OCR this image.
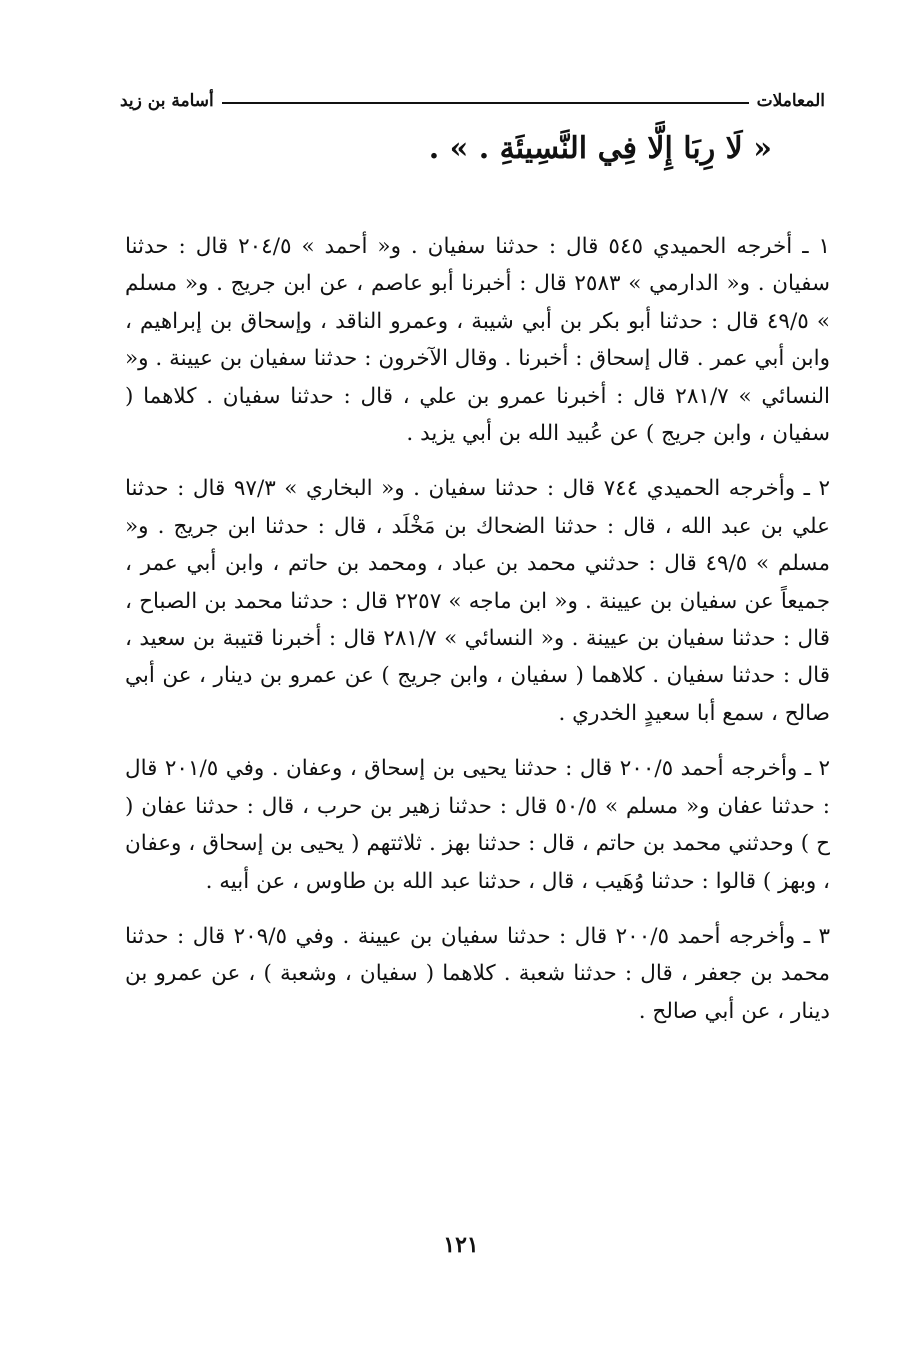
المعاملات
أسامة بن زيد
« لَا رِبَا إِلَّا فِي النَّسِيئَةِ . » .

١ ـ أخرجه الحميدي ٥٤٥ قال : حدثنا سفيان . و« أحمد » ٢٠٤/٥ قال : حدثنا سفيان . و« الدارمي » ٢٥٨٣ قال : أخبرنا أبو عاصم ، عن ابن جريج . و« مسلم » ٤٩/٥ قال : حدثنا أبو بكر بن أبي شيبة ، وعمرو الناقد ، وإسحاق بن إبراهيم ، وابن أبي عمر . قال إسحاق : أخبرنا . وقال الآخرون : حدثنا سفيان بن عيينة . و« النسائي » ٢٨١/٧ قال : أخبرنا عمرو بن علي ، قال : حدثنا سفيان . كلاهما ( سفيان ، وابن جريج ) عن عُبيد الله بن أبي يزيد .

٢ ـ وأخرجه الحميدي ٧٤٤ قال : حدثنا سفيان . و« البخاري » ٩٧/٣ قال : حدثنا علي بن عبد الله ، قال : حدثنا الضحاك بن مَخْلَد ، قال : حدثنا ابن جريج . و« مسلم » ٤٩/٥ قال : حدثني محمد بن عباد ، ومحمد بن حاتم ، وابن أبي عمر ، جميعاً عن سفيان بن عيينة . و« ابن ماجه » ٢٢٥٧ قال : حدثنا محمد بن الصباح ، قال : حدثنا سفيان بن عيينة . و« النسائي » ٢٨١/٧ قال : أخبرنا قتيبة بن سعيد ، قال : حدثنا سفيان . كلاهما ( سفيان ، وابن جريج ) عن عمرو بن دينار ، عن أبي صالح ، سمع أبا سعيدٍ الخدري .

٢ ـ وأخرجه أحمد ٢٠٠/٥ قال : حدثنا يحيى بن إسحاق ، وعفان . وفي ٢٠١/٥ قال : حدثنا عفان و« مسلم » ٥٠/٥ قال : حدثنا زهير بن حرب ، قال : حدثنا عفان ( ح ) وحدثني محمد بن حاتم ، قال : حدثنا بهز . ثلاثتهم ( يحيى بن إسحاق ، وعفان ، وبهز ) قالوا : حدثنا وُهَيب ، قال ، حدثنا عبد الله بن طاوس ، عن أبيه .

٣ ـ وأخرجه أحمد ٢٠٠/٥ قال : حدثنا سفيان بن عيينة . وفي ٢٠٩/٥ قال : حدثنا محمد بن جعفر ، قال : حدثنا شعبة . كلاهما ( سفيان ، وشعبة ) ، عن عمرو بن دينار ، عن أبي صالح .

١٢١
